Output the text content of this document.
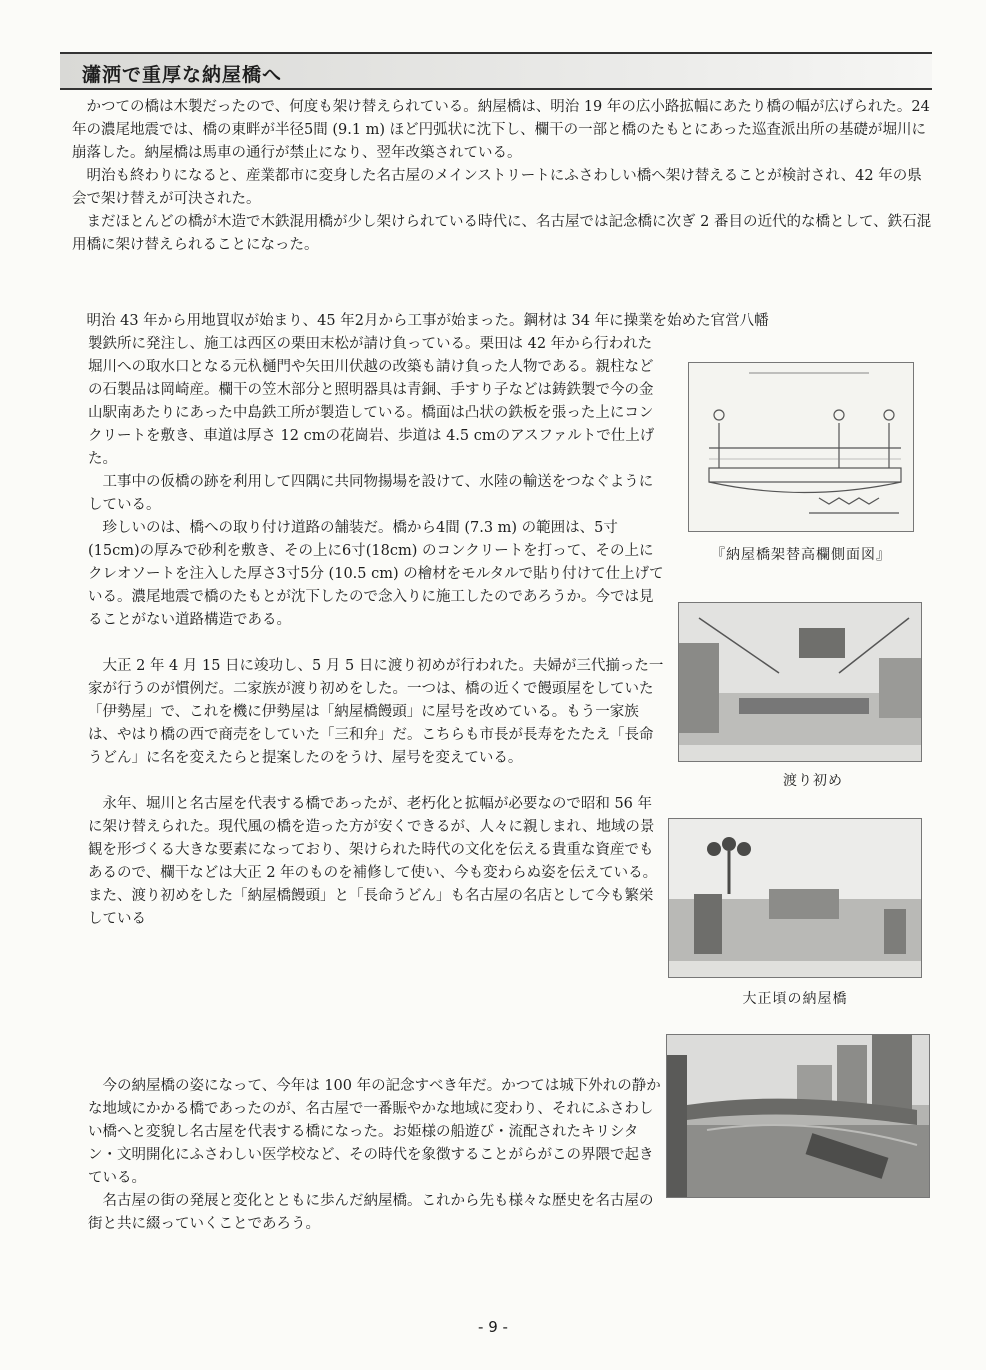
瀟洒で重厚な納屋橋へ

かつての橋は木製だったので、何度も架け替えられている。納屋橋は、明治 19 年の広小路拡幅にあたり橋の幅が広げられた。24 年の濃尾地震では、橋の東畔が半径5間 (9.1 m) ほど円弧状に沈下し、欄干の一部と橋のたもとにあった巡査派出所の基礎が堀川に崩落した。納屋橋は馬車の通行が禁止になり、翌年改築されている。

明治も終わりになると、産業都市に変身した名古屋のメインストリートにふさわしい橋へ架け替えることが検討され、42 年の県会で架け替えが可決された。

まだほとんどの橋が木造で木鉄混用橋が少し架けられている時代に、名古屋では記念橋に次ぎ 2 番目の近代的な橋として、鉄石混用橋に架け替えられることになった。

明治 43 年から用地買収が始まり、45 年2月から工事が始まった。鋼材は 34 年に操業を始めた官営八幡

製鉄所に発注し、施工は西区の栗田末松が請け負っている。栗田は 42 年から行われた堀川への取水口となる元杁樋門や矢田川伏越の改築も請け負った人物である。親柱などの石製品は岡崎産。欄干の笠木部分と照明器具は青銅、手すり子などは鋳鉄製で今の金山駅南あたりにあった中島鉄工所が製造している。橋面は凸状の鉄板を張った上にコンクリートを敷き、車道は厚さ 12 cmの花崗岩、歩道は 4.5 cmのアスファルトで仕上げた。

工事中の仮橋の跡を利用して四隅に共同物揚場を設けて、水陸の輸送をつなぐようにしている。

珍しいのは、橋への取り付け道路の舗装だ。橋から4間 (7.3 m) の範囲は、5寸(15cm)の厚みで砂利を敷き、その上に6寸(18cm) のコンクリートを打って、その上にクレオソートを注入した厚さ3寸5分 (10.5 cm) の檜材をモルタルで貼り付けて仕上げている。濃尾地震で橋のたもとが沈下したので念入りに施工したのであろうか。今では見ることがない道路構造である。

大正 2 年 4 月 15 日に竣功し、5 月 5 日に渡り初めが行われた。夫婦が三代揃った一家が行うのが慣例だ。二家族が渡り初めをした。一つは、橋の近くで饅頭屋をしていた「伊勢屋」で、これを機に伊勢屋は「納屋橋饅頭」に屋号を改めている。もう一家族は、やはり橋の西で商売をしていた「三和弁」だ。こちらも市長が長寿をたたえ「長命うどん」に名を変えたらと提案したのをうけ、屋号を変えている。

永年、堀川と名古屋を代表する橋であったが、老朽化と拡幅が必要なので昭和 56 年に架け替えられた。現代風の橋を造った方が安くできるが、人々に親しまれ、地域の景観を形づくる大きな要素になっており、架けられた時代の文化を伝える貴重な資産でもあるので、欄干などは大正 2 年のものを補修して使い、今も変わらぬ姿を伝えている。また、渡り初めをした「納屋橋饅頭」と「長命うどん」も名古屋の名店として今も繁栄している

今の納屋橋の姿になって、今年は 100 年の記念すべき年だ。かつては城下外れの静かな地域にかかる橋であったのが、名古屋で一番賑やかな地域に変わり、それにふさわしい橋へと変貌し名古屋を代表する橋になった。お姫様の船遊び・流配されたキリシタン・文明開化にふさわしい医学校など、その時代を象徴することがらがこの界隈で起きている。

名古屋の街の発展と変化とともに歩んだ納屋橋。これから先も様々な歴史を名古屋の街と共に綴っていくことであろう。

『納屋橋架替高欄側面図』
渡り初め
大正頃の納屋橋
- 9 -
